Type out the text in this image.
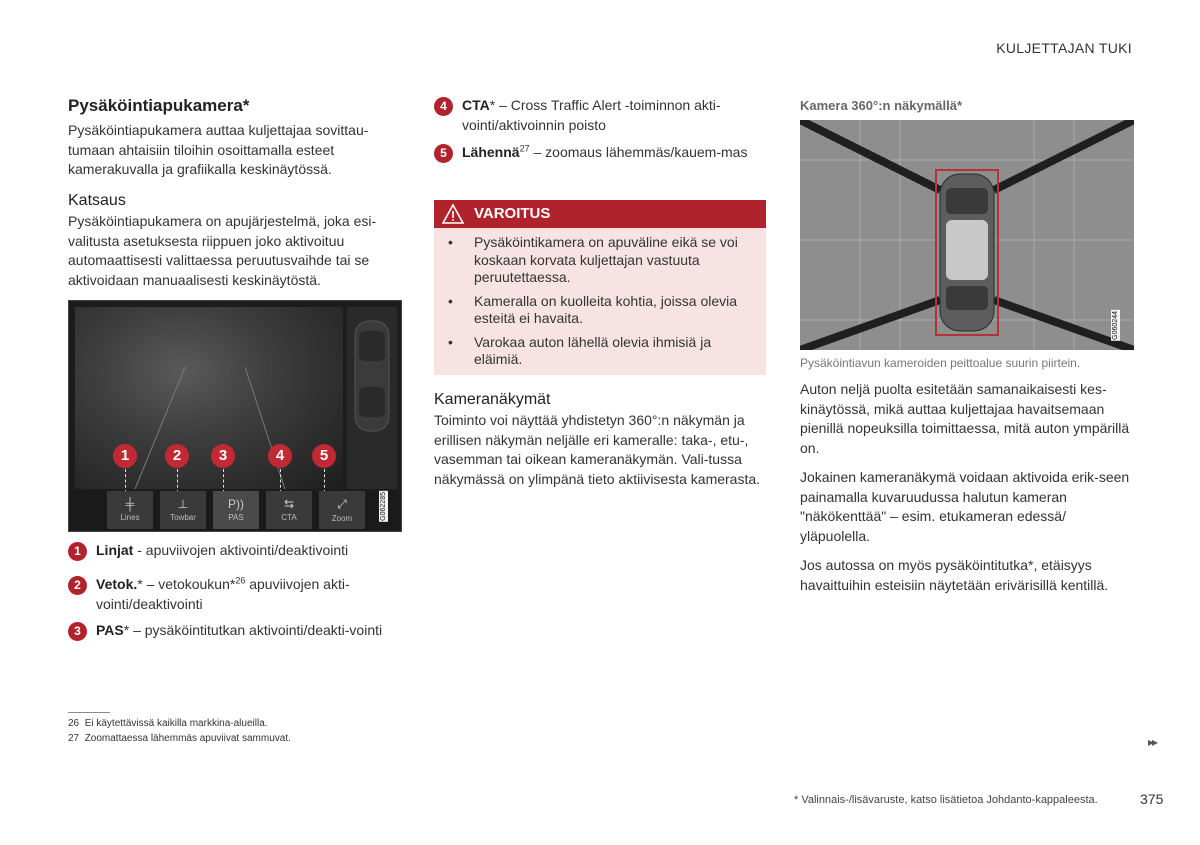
KULJETTAJAN TUKI
Pysäköintiapukamera*
Pysäköintiapukamera auttaa kuljettajaa sovittau-tumaan ahtaisiin tiloihin osoittamalla esteet kamerakuvalla ja grafiikalla keskinäytössä.
Katsaus
Pysäköintiapukamera on apujärjestelmä, joka esi-valitusta asetuksesta riippuen joko aktivoituu automaattisesti valittaessa peruutusvaihde tai se aktivoidaan manuaalisesti keskinäytöstä.
1	2	3	4	5
╪
Lines
⊥
Towbar
P))
PAS
⇆
CTA
⤢
Zoom	G062285
1	Linjat - apuviivojen aktivointi/deaktivointi
2	Vetok.* – vetokoukun*$^{26}$ apuviivojen akti-vointi/deaktivointi
3	PAS* – pysäköintitutkan aktivointi/deakti-vointi
4	CTA* – Cross Traffic Alert -toiminnon akti-vointi/aktivoinnin poisto
5	Lähennä$^{27}$ – zoomaus lähemmäs/kauem-mas
VAROITUS
• Pysäköintikamera on apuväline eikä se voi koskaan korvata kuljettajan vastuuta peruutettaessa.
• Kameralla on kuolleita kohtia, joissa olevia esteitä ei havaita.
• Varokaa auton lähellä olevia ihmisiä ja eläimiä.
Kameranäkymät
Toiminto voi näyttää yhdistetyn 360°:n näkymän ja erillisen näkymän neljälle eri kameralle: taka-, etu-, vasemman tai oikean kameranäkymän. Vali-tussa näkymässä on ylimpänä tieto aktiivisesta kamerasta.
Kamera 360°:n näkymällä*
G060244
Pysäköintiavun kameroiden peittoalue suurin piirtein.

Auton neljä puolta esitetään samanaikaisesti kes-kinäytössä, mikä auttaa kuljettajaa havaitsemaan pienillä nopeuksilla toimittaessa, mitä auton ympärillä on.

Jokainen kameranäkymä voidaan aktivoida erik-seen painamalla kuvaruudussa halutun kameran "näkökenttää" – esim. etukameran edessä/ yläpuolella.

Jos autossa on myös pysäköintitutka*, etäisyys havaittuihin esteisiin näytetään erivärisillä kentillä.

26 Ei käytettävissä kaikilla markkina-alueilla.
27 Zoomattaessa lähemmäs apuviivat sammuvat.	▸▸
* Valinnais-/lisävaruste, katso lisätietoa Johdanto-kappaleesta.	375
